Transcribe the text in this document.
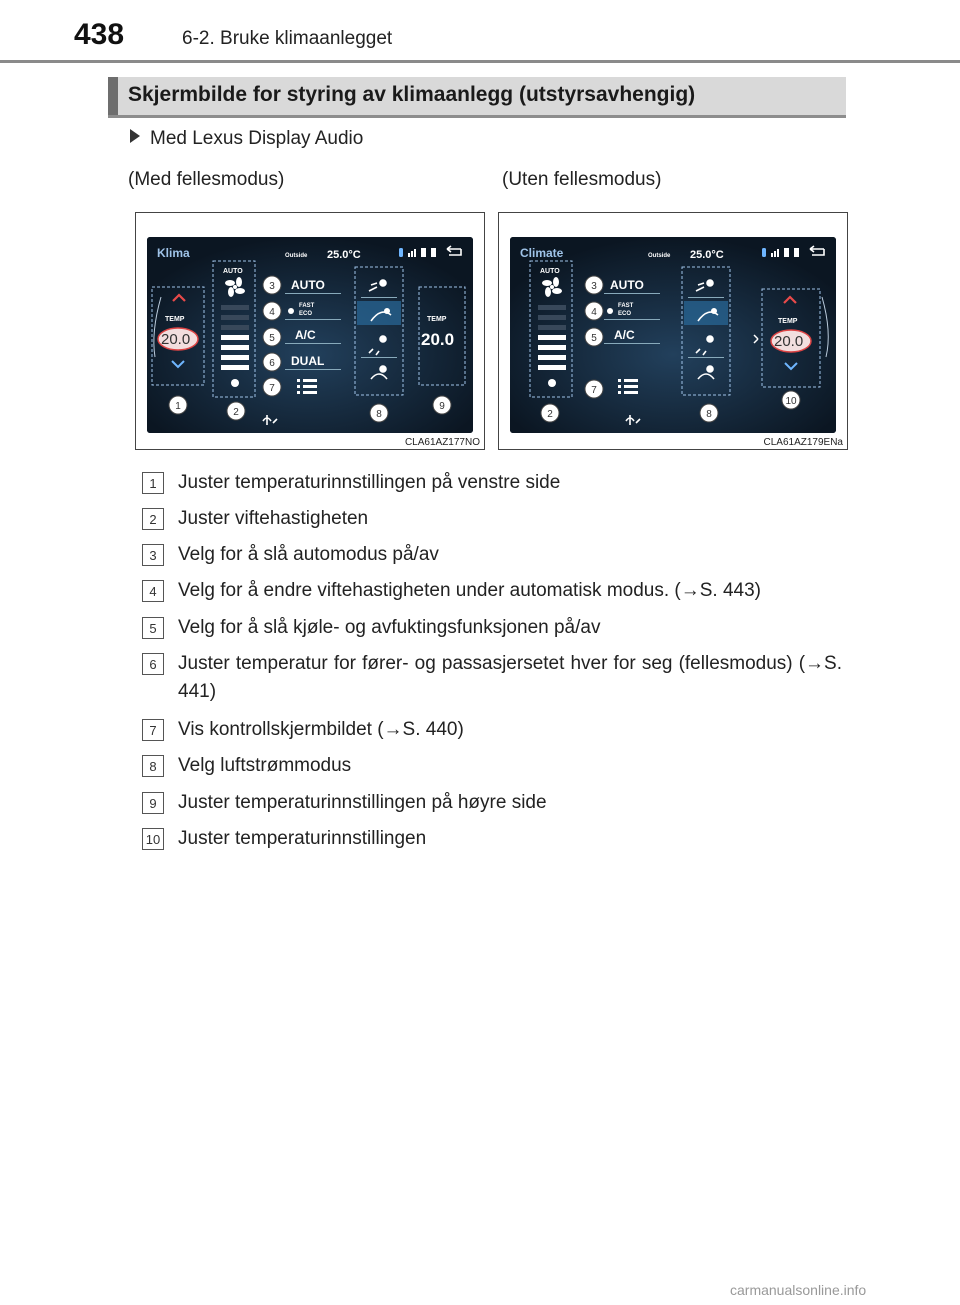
438	6-2. Bruke klimaanlegget
Skjermbilde for styring av klimaanlegg (utstyrsavhengig)
Med Lexus Display Audio
(Med fellesmodus)	(Uten fellesmodus)
Klima	Outside 25.0°C
TEMP
20.0
AUTO
AUTO
FAST
ECO
A/C
DUAL
TEMP
20.0
1
2
3
4
5
6
7
8
9
CLA61AZ177NO
Climate	Outside 25.0°C
AUTO
AUTO
FAST
ECO
A/C
TEMP
20.0
2
3
4
5
7
8
10
CLA61AZ179ENa
1	Juster temperaturinnstillingen på venstre side
2	Juster viftehastigheten
3	Velg for å slå automodus på/av
4	Velg for å endre viftehastigheten under automatisk modus. (→S. 443)
5	Velg for å slå kjøle- og avfuktingsfunksjonen på/av
6	Juster temperatur for fører- og passasjersetet hver for seg (fellesmodus) (→S. 441)
7	Vis kontrollskjermbildet (→S. 440)
8	Velg luftstrømmodus
9	Juster temperaturinnstillingen på høyre side
10 Juster temperaturinnstillingen
carmanualsonline.info
